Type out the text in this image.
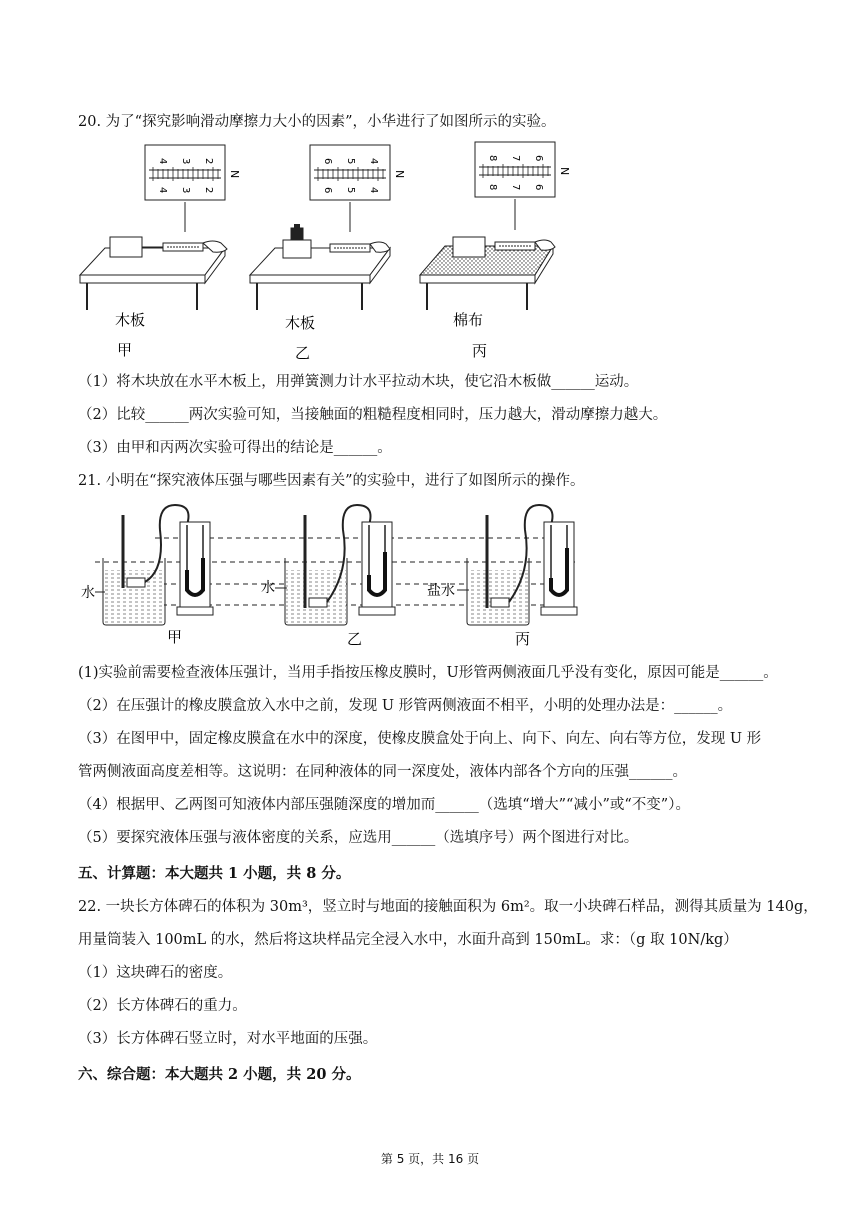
20. 为了“探究影响滑动摩擦力大小的因素”，小华进行了如图所示的实验。
4 3 2
4 3 2
N
木板
甲
6 5 4
6 5 4
N
木板
乙
8 7 6
8 7 6
N
棉布
丙
（1）将木块放在水平木板上，用弹簧测力计水平拉动木块，使它沿木板做______运动。
（2）比较______两次实验可知，当接触面的粗糙程度相同时，压力越大，滑动摩擦力越大。
（3）由甲和丙两次实验可得出的结论是______。
21. 小明在“探究液体压强与哪些因素有关”的实验中，进行了如图所示的操作。
水
甲
水
乙
盐水
丙
(1)实验前需要检查液体压强计，当用手指按压橡皮膜时，U形管两侧液面几乎没有变化，原因可能是______。
（2）在压强计的橡皮膜盒放入水中之前，发现 U 形管两侧液面不相平，小明的处理办法是：______。
（3）在图甲中，固定橡皮膜盒在水中的深度，使橡皮膜盒处于向上、向下、向左、向右等方位，发现 U 形
管两侧液面高度差相等。这说明：在同种液体的同一深度处，液体内部各个方向的压强______。
（4）根据甲、乙两图可知液体内部压强随深度的增加而______（选填“增大”“减小”或“不变”）。
（5）要探究液体压强与液体密度的关系，应选用______（选填序号）两个图进行对比。
五、计算题：本大题共 1 小题，共 8 分。
22. 一块长方体碑石的体积为 30m³，竖立时与地面的接触面积为 6m²。取一小块碑石样品，测得其质量为 140g，
用量筒装入 100mL 的水，然后将这块样品完全浸入水中，水面升高到 150mL。求：（g 取 10N/kg）
（1）这块碑石的密度。
（2）长方体碑石的重力。
（3）长方体碑石竖立时，对水平地面的压强。
六、综合题：本大题共 2 小题，共 20 分。
第 5 页，共 16 页
